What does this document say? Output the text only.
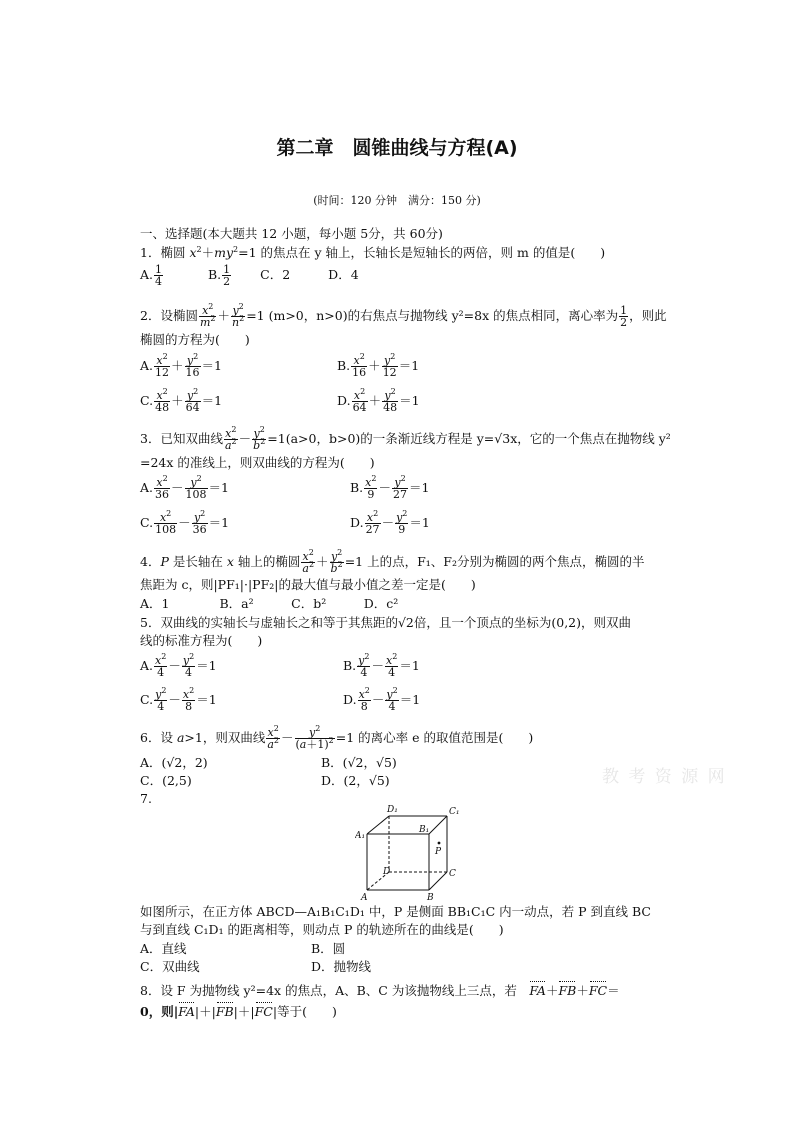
第二章　圆锥曲线与方程(A)
(时间：120 分钟　满分：150 分)
一、选择题(本大题共 12 小题，每小题 5分，共 60分)
1．椭圆 $x^2+my^2=1$ 的焦点在 y 轴上，长轴长是短轴长的两倍，则 m 的值是(　　)
A. $\frac{1}{4}$	B. $\frac{1}{2}$ C．2	D．4
2．设椭圆 $\frac{x^2}{m^2} + \frac{y^2}{n^2} =1$ (m>0，n>0)的右焦点与抛物线 y²=8x 的焦点相同，离心率为 $\frac{1}{2}$ ，则此
椭圆的方程为(　　)
A. $\frac{x^2}{12} + \frac{y^2}{16} =1$	B. $\frac{x^2}{16} + \frac{y^2}{12} =1$
C. $\frac{x^2}{48} + \frac{y^2}{64} =1$	D. $\frac{x^2}{64} + \frac{y^2}{48} =1$
3．已知双曲线 $\frac{x^2}{a^2} - \frac{y^2}{b^2} =1(a>0$，b>0)的一条渐近线方程是 y=√3x，它的一个焦点在抛物线 y²
=24x 的准线上，则双曲线的方程为(　　)
A. $\frac{x^2}{36} - \frac{y^2}{108} =1$	B. $\frac{x^2}{9} - \frac{y^2}{27} =1$
C. $\frac{x^2}{108} - \frac{y^2}{36} =1$	D. $\frac{x^2}{27} - \frac{y^2}{9} =1$
4．P 是长轴在 x 轴上的椭圆 $\frac{x^2}{a^2} + \frac{y^2}{b^2} =1$ 上的点，F₁、F₂分别为椭圆的两个焦点，椭圆的半
焦距为 c，则|PF₁|·|PF₂|的最大值与最小值之差一定是(　　)
A．1　　　　B．a²　　　C．b²　　　D．c²
5．双曲线的实轴长与虚轴长之和等于其焦距的√2倍，且一个顶点的坐标为(0,2)，则双曲
线的标准方程为(　　)
A. $\frac{x^2}{4} - \frac{y^2}{4} =1$	B. $\frac{y^2}{4} - \frac{x^2}{4} =1$
C. $\frac{y^2}{4} - \frac{x^2}{8} =1$	D. $\frac{x^2}{8} - \frac{y^2}{4} =1$
6．设 a>1，则双曲线 $\frac{x^2}{a^2} - \frac{y^2}{(a+1)^2} =1$ 的离心率 e 的取值范围是(　　)
A．(√2，2)	B．(√2，√5)
C．(2,5)	D．(2，√5)	教 考 资 源 网
7.
D₁	C₁
A₁
B₁
P
D	C
A	B
如图所示，在正方体 ABCD—A₁B₁C₁D₁ 中，P 是侧面 BB₁C₁C 内一动点，若 P 到直线 BC
与到直线 C₁D₁ 的距离相等，则动点 P 的轨迹所在的曲线是(　　)
A．直线	B．圆
C．双曲线	D．抛物线
8．设 F 为抛物线 y²=4x 的焦点，A、B、C 为该抛物线上三点，若　 FA＋FB＋FC＝
0，则|FA|＋|FB|＋|FC|等于(　　)
